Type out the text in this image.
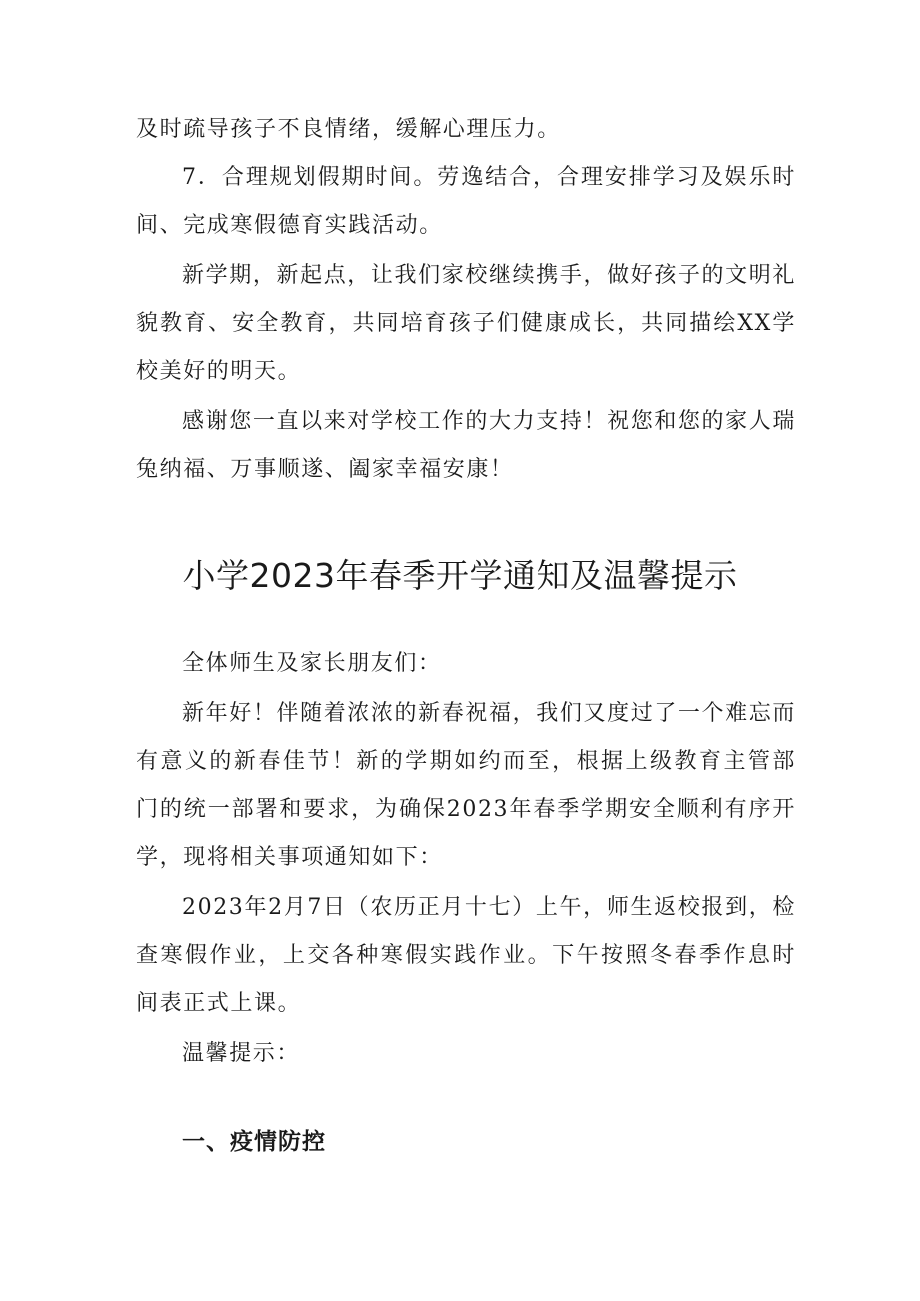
及时疏导孩子不良情绪，缓解心理压力。

7．合理规划假期时间。劳逸结合，合理安排学习及娱乐时间、完成寒假德育实践活动。

新学期，新起点，让我们家校继续携手，做好孩子的文明礼貌教育、安全教育，共同培育孩子们健康成长，共同描绘XX学校美好的明天。

感谢您一直以来对学校工作的大力支持！祝您和您的家人瑞兔纳福、万事顺遂、阖家幸福安康！

小学2023年春季开学通知及温馨提示

全体师生及家长朋友们：

新年好！伴随着浓浓的新春祝福，我们又度过了一个难忘而有意义的新春佳节！新的学期如约而至，根据上级教育主管部门的统一部署和要求，为确保2023年春季学期安全顺利有序开学，现将相关事项通知如下：

2023年2月7日（农历正月十七）上午，师生返校报到，检查寒假作业，上交各种寒假实践作业。下午按照冬春季作息时间表正式上课。

温馨提示：

一、疫情防控
